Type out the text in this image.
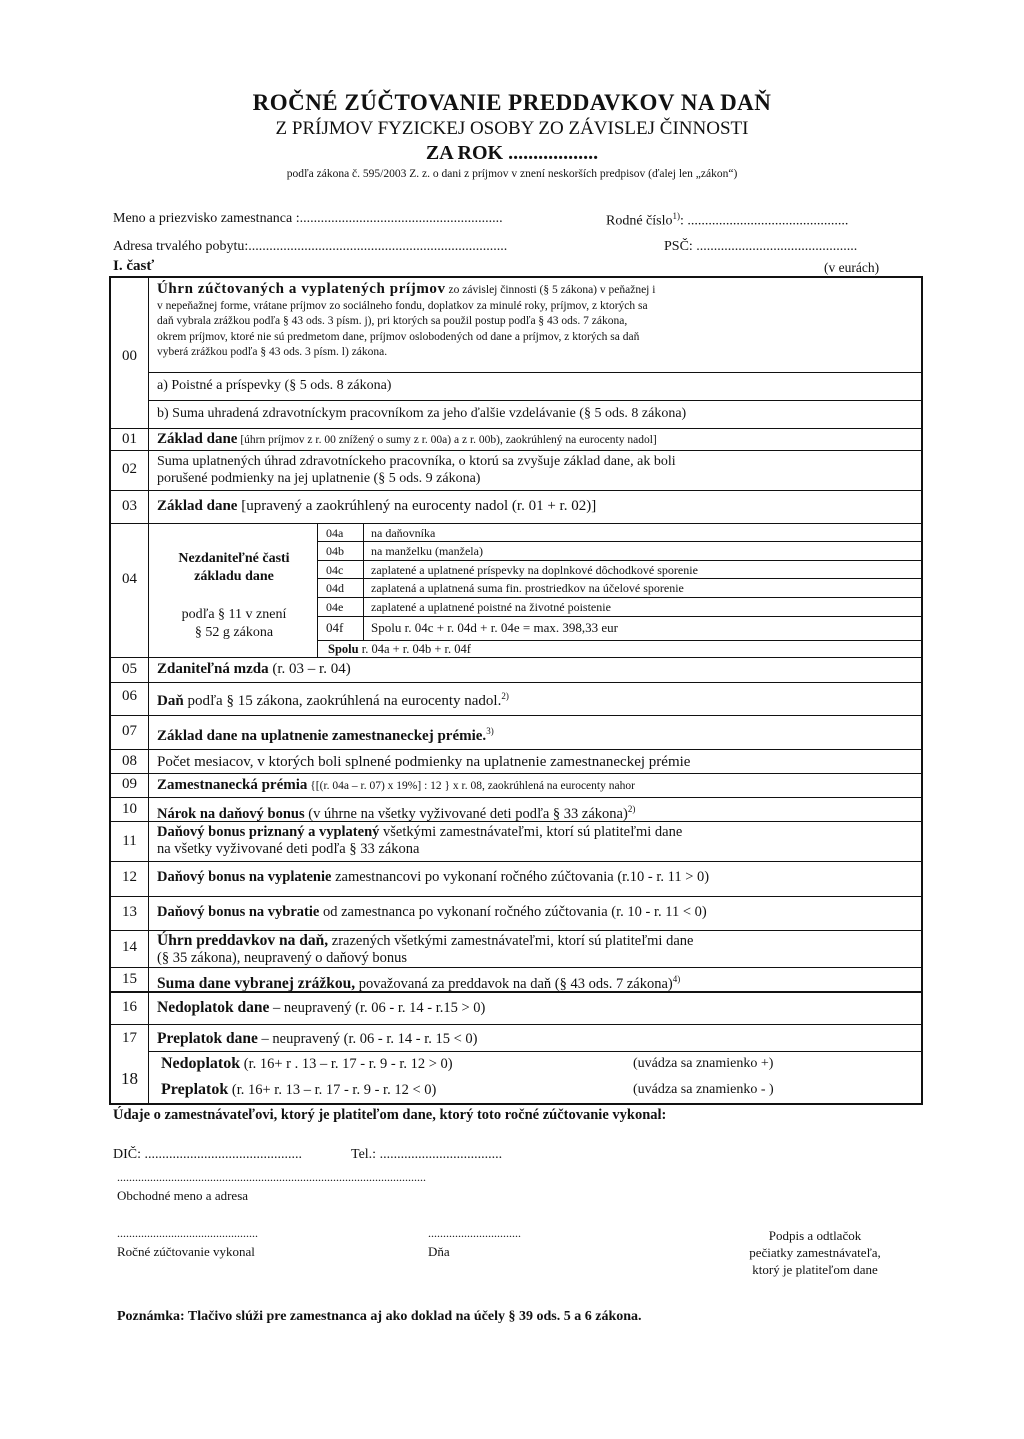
ROČNÉ ZÚČTOVANIE PREDDAVKOV NA DAŇ
Z PRÍJMOV FYZICKEJ OSOBY ZO ZÁVISLEJ ČINNOSTI
ZA ROK ..................
podľa zákona č. 595/2003 Z. z. o dani z príjmov v znení neskorších predpisov (ďalej len „zákon“)
Meno a priezvisko zamestnanca :..........................................................	Rodné číslo$^{1)}$: ..............................................
Adresa trvalého pobytu:..........................................................................	PSČ: ..............................................
I. časť	(v eurách)
00
Úhrn zúčtovaných a vyplatených príjmov zo závislej činnosti (§ 5 zákona) v peňažnej i
v nepeňažnej forme, vrátane príjmov zo sociálneho fondu, doplatkov za minulé roky, príjmov, z ktorých sa
daň vybrala zrážkou podľa § 43 ods. 3 písm. j), pri ktorých sa použil postup podľa § 43 ods. 7 zákona,
okrem príjmov, ktoré nie sú predmetom dane, príjmov oslobodených od dane a príjmov, z ktorých sa daň
vyberá zrážkou podľa § 43 ods. 3 písm. l) zákona.
a) Poistné a príspevky (§ 5 ods. 8 zákona)
b) Suma uhradená zdravotníckym pracovníkom za jeho ďalšie vzdelávanie (§ 5 ods. 8 zákona)
01	Základ dane [úhrn príjmov z r. 00 znížený o sumy z r. 00a) a z r. 00b), zaokrúhlený na eurocenty nadol]
02	Suma uplatnených úhrad zdravotníckeho pracovníka, o ktorú sa zvyšuje základ dane, ak boli
porušené podmienky na jej uplatnenie (§ 5 ods. 9 zákona)
03	Základ dane [upravený a zaokrúhlený na eurocenty nadol (r. 01 + r. 02)]
04
Nezdaniteľné časti
základu dane
podľa § 11 v znení
§ 52 g zákona
04a na daňovníka
04b na manželku (manžela)
04c zaplatené a uplatnené príspevky na doplnkové dôchodkové sporenie
04d zaplatená a uplatnená suma fin. prostriedkov na účelové sporenie
04e zaplatené a uplatnené poistné na životné poistenie
04f Spolu r. 04c + r. 04d + r. 04e = max. 398,33 eur
Spolu r. 04a + r. 04b + r. 04f
05	Zdaniteľná mzda (r. 03 – r. 04)
06	Daň podľa § 15 zákona, zaokrúhlená na eurocenty nadol.$^{2)}$
07	Základ dane na uplatnenie zamestnaneckej prémie.$^{3)}$
08	Počet mesiacov, v ktorých boli splnené podmienky na uplatnenie zamestnaneckej prémie
09	Zamestnanecká prémia {[(r. 04a – r. 07) x 19%] : 12 } x r. 08, zaokrúhlená na eurocenty nahor
10	Nárok na daňový bonus (v úhrne na všetky vyživované deti podľa § 33 zákona)$^{2)}$
11
Daňový bonus priznaný a vyplatený všetkými zamestnávateľmi, ktorí sú platiteľmi dane
na všetky vyživované deti podľa § 33 zákona
12	Daňový bonus na vyplatenie zamestnancovi po vykonaní ročného zúčtovania (r.10 - r. 11 > 0)
13	Daňový bonus na vybratie od zamestnanca po vykonaní ročného zúčtovania (r. 10 - r. 11 < 0)
14	Úhrn preddavkov na daň, zrazených všetkými zamestnávateľmi, ktorí sú platiteľmi dane
(§ 35 zákona), neupravený o daňový bonus
15	Suma dane vybranej zrážkou, považovaná za preddavok na daň (§ 43 ods. 7 zákona)$^{4)}$
16	Nedoplatok dane – neupravený (r. 06 - r. 14 - r.15 > 0)
17	Preplatok dane – neupravený (r. 06 - r. 14 - r. 15 < 0)
18
Nedoplatok (r. 16+ r . 13 – r. 17 - r. 9 - r. 12 > 0)	(uvádza sa znamienko +)
Preplatok (r. 16+ r. 13 – r. 17 - r. 9 - r. 12 < 0)	(uvádza sa znamienko - )
Údaje o zamestnávateľovi, ktorý je platiteľom dane, ktorý toto ročné zúčtovanie vykonal:
DIČ: .............................................	Tel.: ...................................
.......................................................................................................
Obchodné meno a adresa
...............................................
Ročné zúčtovanie vykonal
...............................
Dňa
Podpis a odtlačok
pečiatky zamestnávateľa,
ktorý je platiteľom dane
Poznámka: Tlačivo slúži pre zamestnanca aj ako doklad na účely § 39 ods. 5 a 6 zákona.
